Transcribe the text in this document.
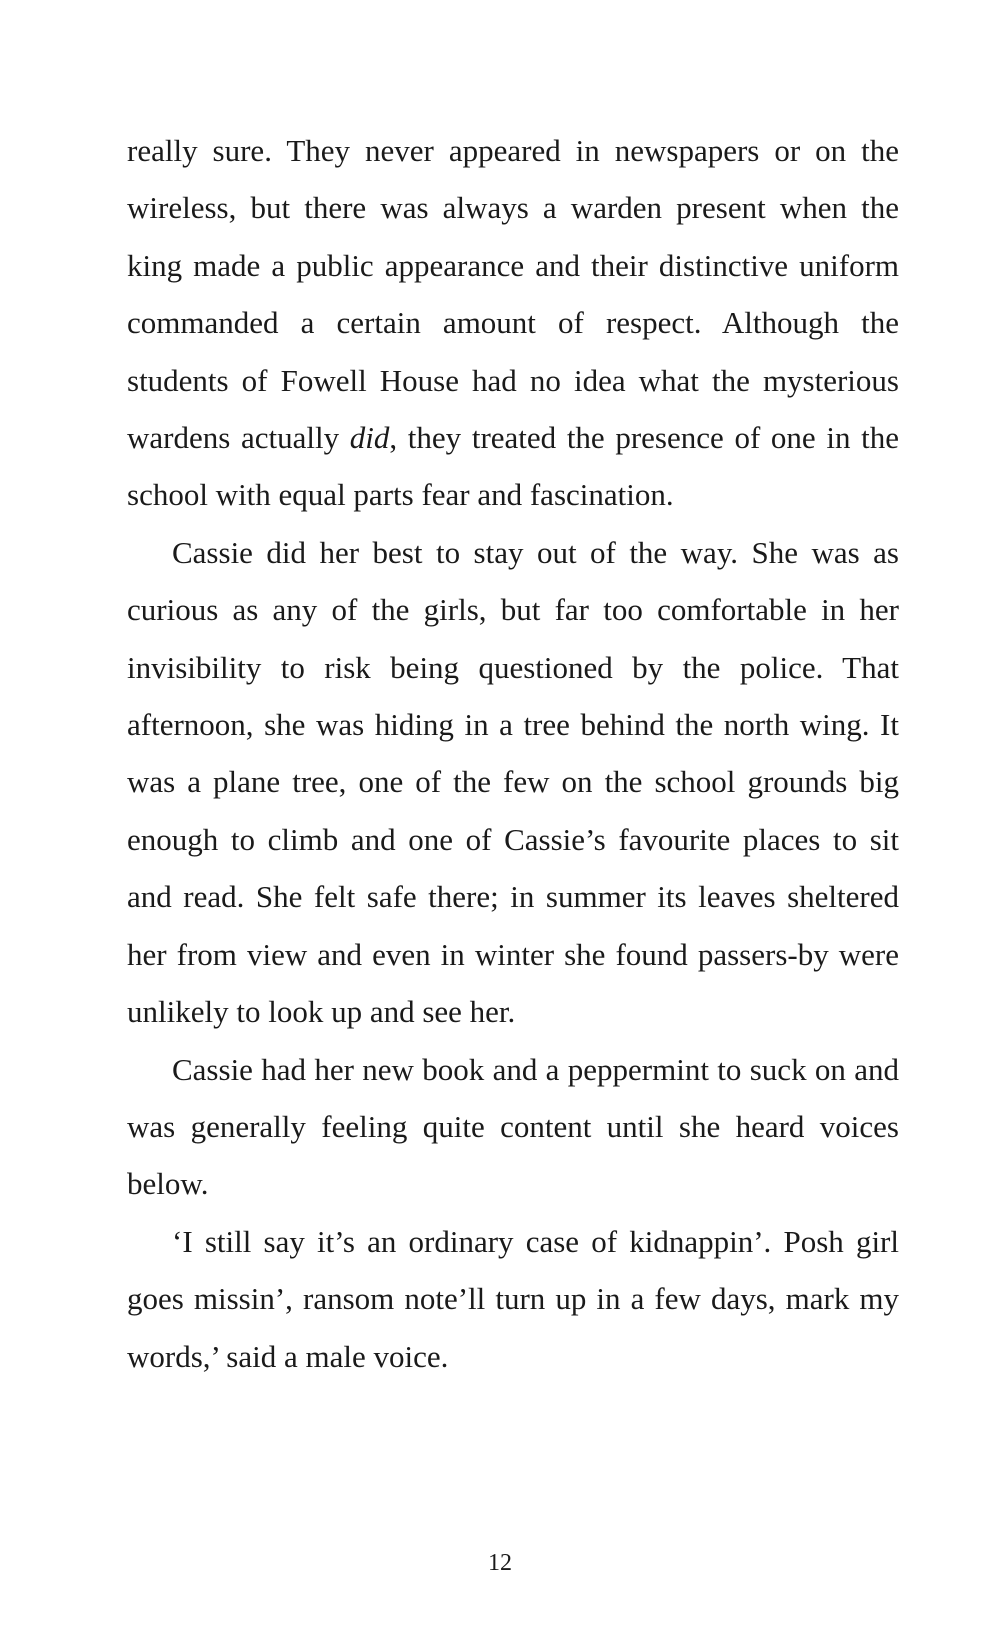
really sure. They never appeared in newspapers or on the wireless, but there was always a warden present when the king made a public appearance and their distinctive uniform commanded a certain amount of respect. Although the students of Fowell House had no idea what the mysterious wardens actually did, they treated the presence of one in the school with equal parts fear and fascination.

Cassie did her best to stay out of the way. She was as curious as any of the girls, but far too comfortable in her invisibility to risk being questioned by the police. That afternoon, she was hiding in a tree behind the north wing. It was a plane tree, one of the few on the school grounds big enough to climb and one of Cassie’s favourite places to sit and read. She felt safe there; in summer its leaves sheltered her from view and even in winter she found passers-by were unlikely to look up and see her.

Cassie had her new book and a peppermint to suck on and was generally feeling quite content until she heard voices below.

‘I still say it’s an ordinary case of kidnappin’. Posh girl goes missin’, ransom note’ll turn up in a few days, mark my words,’ said a male voice.

12
